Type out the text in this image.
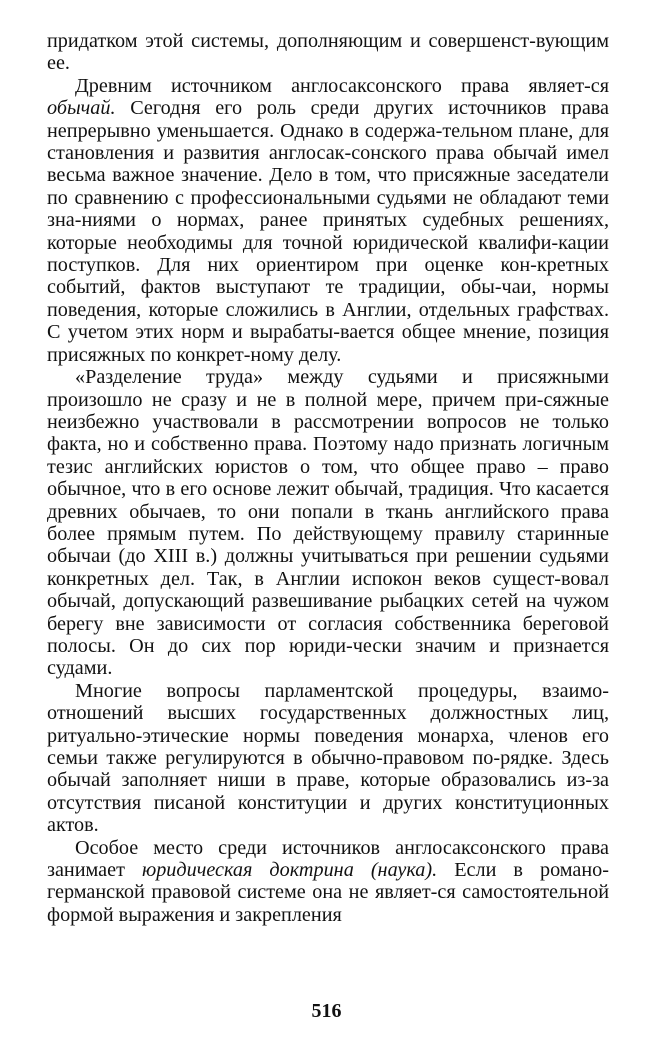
придатком этой системы, дополняющим и совершенст-вующим ее.

Древним источником англосаксонского права являет-ся обычай. Сегодня его роль среди других источников права непрерывно уменьшается. Однако в содержа-тельном плане, для становления и развития англосак-сонского права обычай имел весьма важное значение. Дело в том, что присяжные заседатели по сравнению с профессиональными судьями не обладают теми зна-ниями о нормах, ранее принятых судебных решениях, которые необходимы для точной юридической квалифи-кации поступков. Для них ориентиром при оценке кон-кретных событий, фактов выступают те традиции, обы-чаи, нормы поведения, которые сложились в Англии, отдельных графствах. С учетом этих норм и вырабаты-вается общее мнение, позиция присяжных по конкрет-ному делу.

«Разделение труда» между судьями и присяжными произошло не сразу и не в полной мере, причем при-сяжные неизбежно участвовали в рассмотрении вопросов не только факта, но и собственно права. Поэтому надо признать логичным тезис английских юристов о том, что общее право – право обычное, что в его основе лежит обычай, традиция. Что касается древних обычаев, то они попали в ткань английского права более прямым путем. По действующему правилу старинные обычаи (до XIII в.) должны учитываться при решении судьями конкретных дел. Так, в Англии испокон веков сущест-вовал обычай, допускающий развешивание рыбацких сетей на чужом берегу вне зависимости от согласия собственника береговой полосы. Он до сих пор юриди-чески значим и признается судами.

Многие вопросы парламентской процедуры, взаимо-отношений высших государственных должностных лиц, ритуально-этические нормы поведения монарха, членов его семьи также регулируются в обычно-правовом по-рядке. Здесь обычай заполняет ниши в праве, которые образовались из-за отсутствия писаной конституции и других конституционных актов.

Особое место среди источников англосаксонского права занимает юридическая доктрина (наука). Если в романо-германской правовой системе она не являет-ся самостоятельной формой выражения и закрепления

516
